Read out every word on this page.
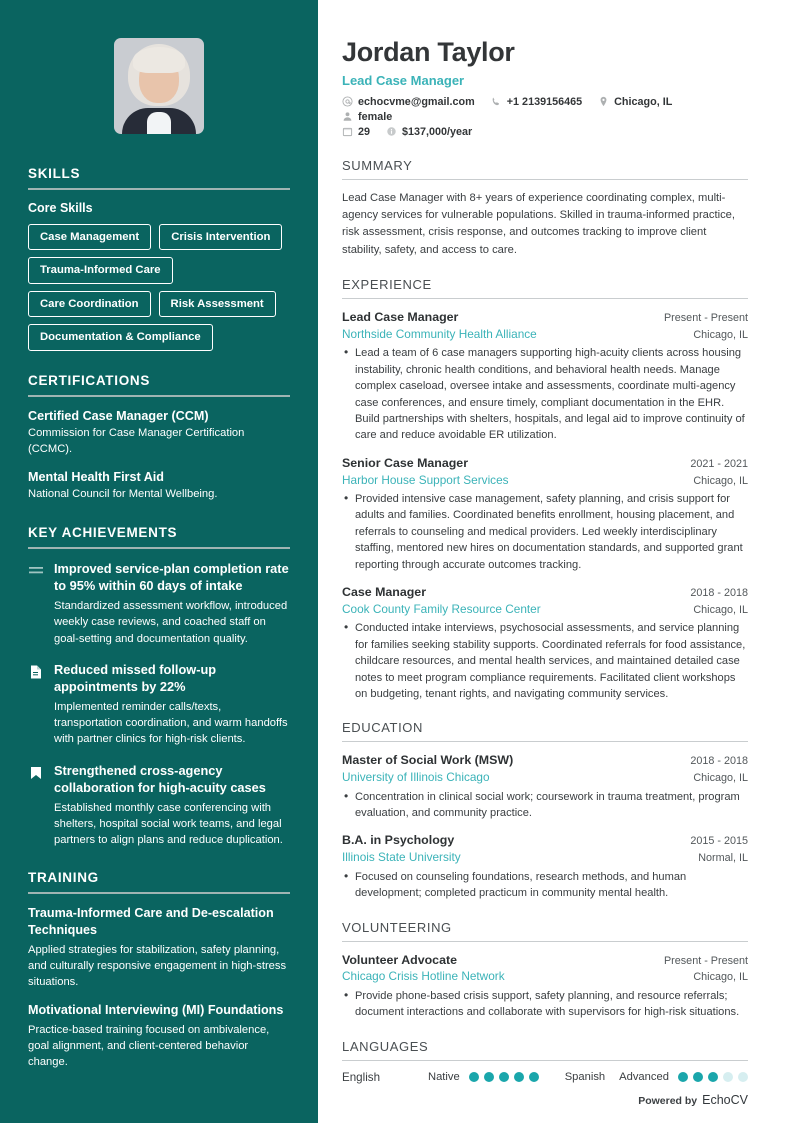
SKILLS
Core Skills
Case Management	Crisis Intervention
Trauma-Informed Care
Care Coordination	Risk Assessment
Documentation & Compliance
CERTIFICATIONS
Certified Case Manager (CCM)
Commission for Case Manager Certification (CCMC).
Mental Health First Aid
National Council for Mental Wellbeing.
KEY ACHIEVEMENTS
Improved service-plan completion rate to 95% within 60 days of intake
Standardized assessment workflow, introduced weekly case reviews, and coached staff on goal-setting and documentation quality.
Reduced missed follow-up appointments by 22%
Implemented reminder calls/texts, transportation coordination, and warm handoffs with partner clinics for high-risk clients.
Strengthened cross-agency collaboration for high-acuity cases
Established monthly case conferencing with shelters, hospital social work teams, and legal partners to align plans and reduce duplication.
TRAINING
Trauma-Informed Care and De-escalation Techniques
Applied strategies for stabilization, safety planning, and culturally responsive engagement in high-stress situations.
Motivational Interviewing (MI) Foundations
Practice-based training focused on ambivalence, goal alignment, and client-centered behavior change.
Jordan Taylor
Lead Case Manager
echocvme@gmail.com	+1 2139156465	Chicago, IL
female
29	$137,000/year
SUMMARY

Lead Case Manager with 8+ years of experience coordinating complex, multi-agency services for vulnerable populations. Skilled in trauma-informed practice, risk assessment, crisis response, and outcomes tracking to improve client stability, safety, and access to care.

EXPERIENCE
Lead Case Manager	Present - Present
Northside Community Health Alliance	Chicago, IL
• Lead a team of 6 case managers supporting high-acuity clients across housing instability, chronic health conditions, and behavioral health needs. Manage complex caseload, oversee intake and assessments, coordinate multi-agency case conferences, and ensure timely, compliant documentation in the EHR. Build partnerships with shelters, hospitals, and legal aid to improve continuity of care and reduce avoidable ER utilization.
Senior Case Manager	2021 - 2021
Harbor House Support Services	Chicago, IL
• Provided intensive case management, safety planning, and crisis support for adults and families. Coordinated benefits enrollment, housing placement, and referrals to counseling and medical providers. Led weekly interdisciplinary staffing, mentored new hires on documentation standards, and supported grant reporting through accurate outcomes tracking.
Case Manager	2018 - 2018
Cook County Family Resource Center	Chicago, IL
• Conducted intake interviews, psychosocial assessments, and service planning for families seeking stability supports. Coordinated referrals for food assistance, childcare resources, and mental health services, and maintained detailed case notes to meet program compliance requirements. Facilitated client workshops on budgeting, tenant rights, and navigating community services.
EDUCATION
Master of Social Work (MSW)	2018 - 2018
University of Illinois Chicago	Chicago, IL
• Concentration in clinical social work; coursework in trauma treatment, program evaluation, and community practice.
B.A. in Psychology	2015 - 2015
Illinois State University	Normal, IL
• Focused on counseling foundations, research methods, and human development; completed practicum in community mental health.
VOLUNTEERING
Volunteer Advocate	Present - Present
Chicago Crisis Hotline Network	Chicago, IL
• Provide phone-based crisis support, safety planning, and resource referrals; document interactions and collaborate with supervisors for high-risk situations.
LANGUAGES
English	Native	Spanish Advanced
Powered by EchoCV
